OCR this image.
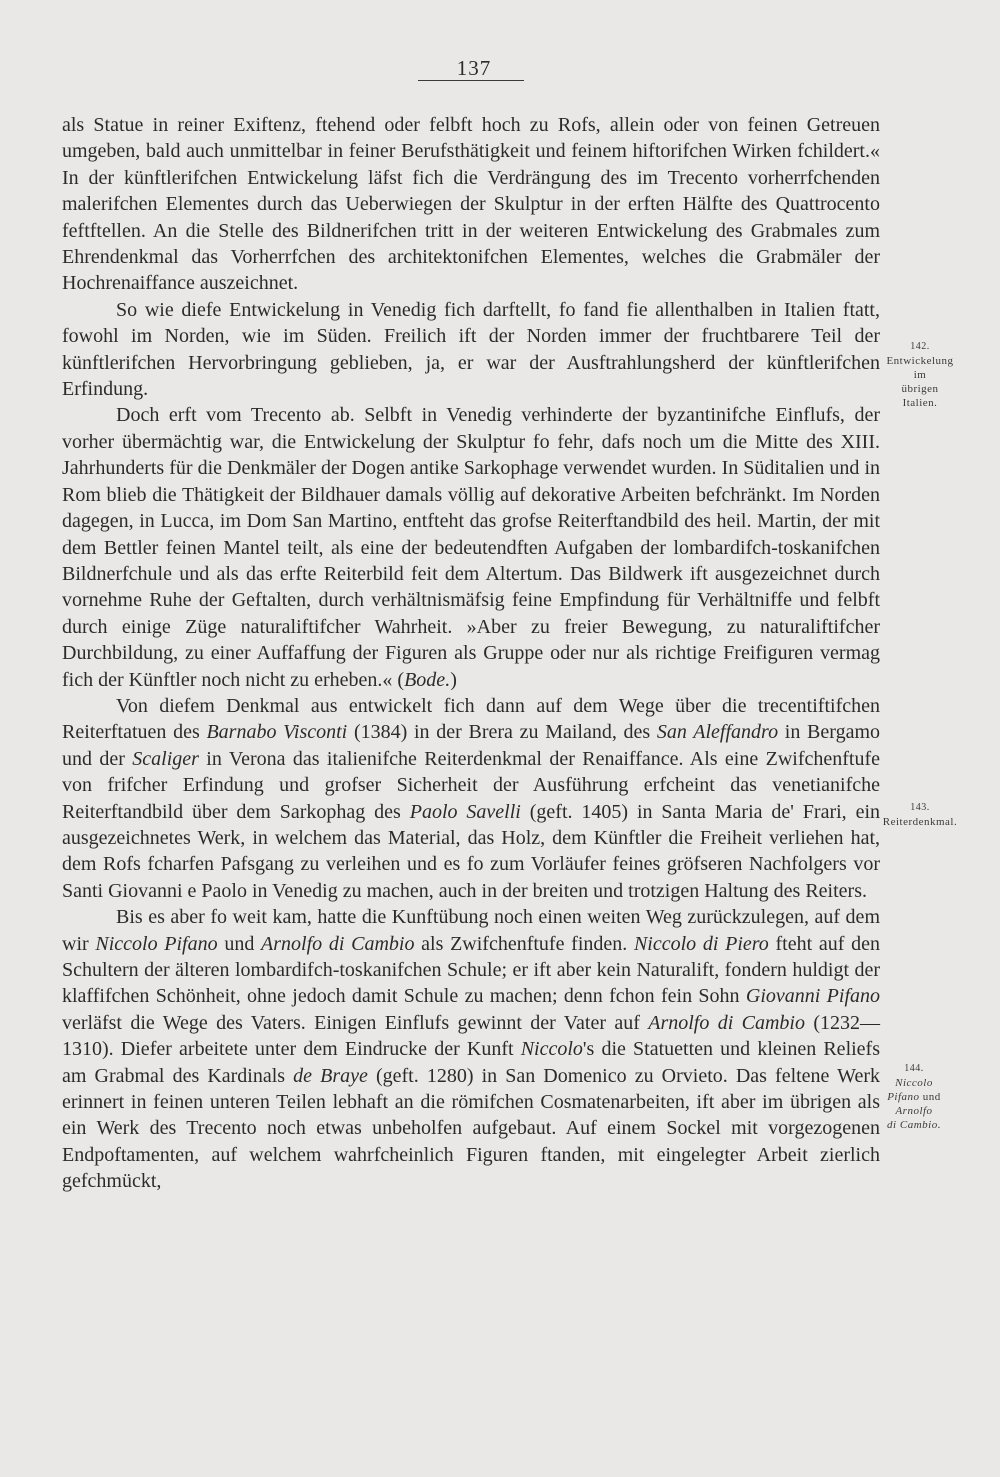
137

als Statue in reiner Exiftenz, ftehend oder felbft hoch zu Rofs, allein oder von feinen Getreuen umgeben, bald auch unmittelbar in feiner Berufsthätigkeit und feinem hiftorifchen Wirken fchildert.« In der künftlerifchen Entwickelung läfst fich die Verdrängung des im Trecento vorherrfchenden malerifchen Elementes durch das Ueberwiegen der Skulptur in der erften Hälfte des Quattrocento feftftellen. An die Stelle des Bildnerifchen tritt in der weiteren Entwickelung des Grabmales zum Ehrendenkmal das Vorherrfchen des architektonifchen Elementes, welches die Grabmäler der Hochrenaiffance auszeichnet.

So wie diefe Entwickelung in Venedig fich darftellt, fo fand fie allenthalben in Italien ftatt, fowohl im Norden, wie im Süden. Freilich ift der Norden immer der fruchtbarere Teil der künftlerifchen Hervorbringung geblieben, ja, er war der Ausftrahlungsherd der künftlerifchen Erfindung.

Doch erft vom Trecento ab. Selbft in Venedig verhinderte der byzantinifche Einflufs, der vorher übermächtig war, die Entwickelung der Skulptur fo fehr, dafs noch um die Mitte des XIII. Jahrhunderts für die Denkmäler der Dogen antike Sarkophage verwendet wurden. In Süditalien und in Rom blieb die Thätigkeit der Bildhauer damals völlig auf dekorative Arbeiten befchränkt. Im Norden dagegen, in Lucca, im Dom San Martino, entfteht das grofse Reiterftandbild des heil. Martin, der mit dem Bettler feinen Mantel teilt, als eine der bedeutendften Aufgaben der lombardifch-toskanifchen Bildnerfchule und als das erfte Reiterbild feit dem Altertum. Das Bildwerk ift ausgezeichnet durch vornehme Ruhe der Geftalten, durch verhältnismäfsig feine Empfindung für Verhältniffe und felbft durch einige Züge naturaliftifcher Wahrheit. »Aber zu freier Bewegung, zu naturaliftifcher Durchbildung, zu einer Auffaffung der Figuren als Gruppe oder nur als richtige Freifiguren vermag fich der Künftler noch nicht zu erheben.« (Bode.)

Von diefem Denkmal aus entwickelt fich dann auf dem Wege über die trecentiftifchen Reiterftatuen des Barnabo Visconti (1384) in der Brera zu Mailand, des San Aleffandro in Bergamo und der Scaliger in Verona das italienifche Reiterdenkmal der Renaiffance. Als eine Zwifchenftufe von frifcher Erfindung und grofser Sicherheit der Ausführung erfcheint das venetianifche Reiterftandbild über dem Sarkophag des Paolo Savelli (geft. 1405) in Santa Maria de' Frari, ein ausgezeichnetes Werk, in welchem das Material, das Holz, dem Künftler die Freiheit verliehen hat, dem Rofs fcharfen Pafsgang zu verleihen und es fo zum Vorläufer feines gröfseren Nachfolgers vor Santi Giovanni e Paolo in Venedig zu machen, auch in der breiten und trotzigen Haltung des Reiters.

Bis es aber fo weit kam, hatte die Kunftübung noch einen weiten Weg zurückzulegen, auf dem wir Niccolo Pifano und Arnolfo di Cambio als Zwifchenftufe finden. Niccolo di Piero fteht auf den Schultern der älteren lombardifch-toskanifchen Schule; er ift aber kein Naturalift, fondern huldigt der klaffifchen Schönheit, ohne jedoch damit Schule zu machen; denn fchon fein Sohn Giovanni Pifano verläfst die Wege des Vaters. Einigen Einflufs gewinnt der Vater auf Arnolfo di Cambio (1232—1310). Diefer arbeitete unter dem Eindrucke der Kunft Niccolo's die Statuetten und kleinen Reliefs am Grabmal des Kardinals de Braye (geft. 1280) in San Domenico zu Orvieto. Das feltene Werk erinnert in feinen unteren Teilen lebhaft an die römifchen Cosmatenarbeiten, ift aber im übrigen als ein Werk des Trecento noch etwas unbeholfen aufgebaut. Auf einem Sockel mit vorgezogenen Endpoftamenten, auf welchem wahrfcheinlich Figuren ftanden, mit eingelegter Arbeit zierlich gefchmückt,

142.
Entwickelung
im
übrigen
Italien.
143.
Reiterdenkmal.
144.
Niccolo
Pifano und
Arnolfo
di Cambio.
